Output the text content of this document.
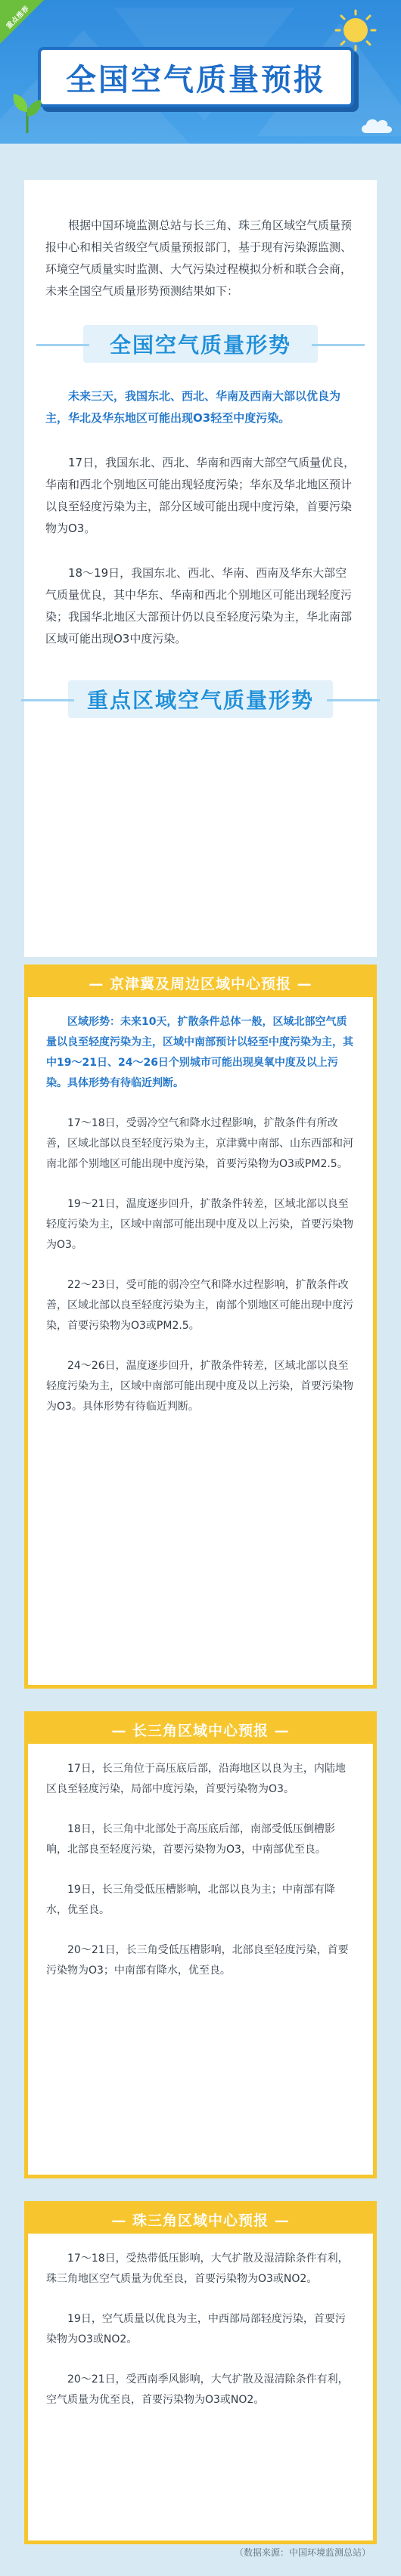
重点推荐
全国空气质量预报

根据中国环境监测总站与长三角、珠三角区域空气质量预报中心和相关省级空气质量预报部门，基于现有污染源监测、环境空气质量实时监测、大气污染过程模拟分析和联合会商，未来全国空气质量形势预测结果如下：

全国空气质量形势

未来三天，我国东北、西北、华南及西南大部以优良为主，华北及华东地区可能出现O3轻至中度污染。

17日，我国东北、西北、华南和西南大部空气质量优良，华南和西北个别地区可能出现轻度污染；华东及华北地区预计以良至轻度污染为主，部分区域可能出现中度污染，首要污染物为O3。

18～19日，我国东北、西北、华南、西南及华东大部空气质量优良，其中华东、华南和西北个别地区可能出现轻度污染；我国华北地区大部预计仍以良至轻度污染为主，华北南部区域可能出现O3中度污染。

重点区域空气质量形势
— 京津冀及周边区域中心预报 —

区域形势：未来10天，扩散条件总体一般，区域北部空气质量以良至轻度污染为主，区域中南部预计以轻至中度污染为主，其中19～21日、24～26日个别城市可能出现臭氧中度及以上污染。具体形势有待临近判断。

17～18日，受弱冷空气和降水过程影响，扩散条件有所改善，区域北部以良至轻度污染为主，京津冀中南部、山东西部和河南北部个别地区可能出现中度污染，首要污染物为O3或PM2.5。

19～21日，温度逐步回升，扩散条件转差，区域北部以良至轻度污染为主，区域中南部可能出现中度及以上污染，首要污染物为O3。

22～23日，受可能的弱冷空气和降水过程影响，扩散条件改善，区域北部以良至轻度污染为主，南部个别地区可能出现中度污染，首要污染物为O3或PM2.5。

24～26日，温度逐步回升，扩散条件转差，区域北部以良至轻度污染为主，区域中南部可能出现中度及以上污染，首要污染物为O3。具体形势有待临近判断。

— 长三角区域中心预报 —

17日，长三角位于高压底后部，沿海地区以良为主，内陆地区良至轻度污染，局部中度污染，首要污染物为O3。

18日，长三角中北部处于高压底后部，南部受低压倒槽影响，北部良至轻度污染，首要污染物为O3，中南部优至良。

19日，长三角受低压槽影响，北部以良为主；中南部有降水，优至良。

20～21日，长三角受低压槽影响，北部良至轻度污染，首要污染物为O3；中南部有降水，优至良。

— 珠三角区域中心预报 —

17～18日，受热带低压影响，大气扩散及湿清除条件有利，珠三角地区空气质量为优至良，首要污染物为O3或NO2。

19日，空气质量以优良为主，中西部局部轻度污染，首要污染物为O3或NO2。

20～21日，受西南季风影响，大气扩散及湿清除条件有利，空气质量为优至良，首要污染物为O3或NO2。

（数据来源：中国环境监测总站）
